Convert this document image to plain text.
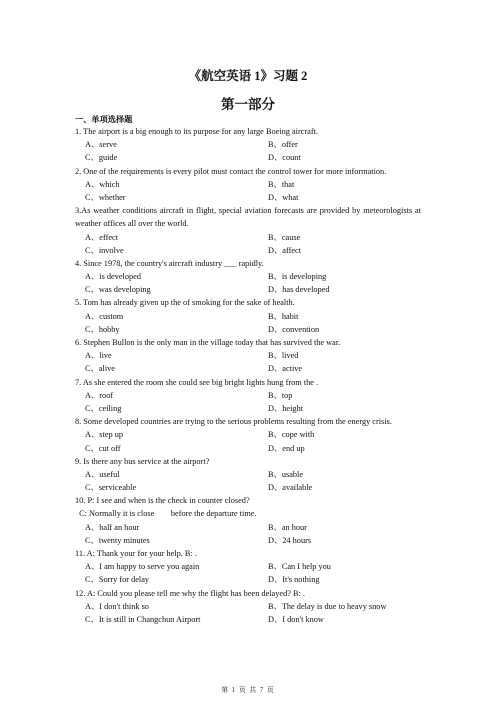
《航空英语 1》习题 2
第一部分
一、单项选择题
1. The airport is a big enough to its purpose for any large Boeing aircraft.
A、serve	B、offer
C、guide	D、count
2. One of the requirements is every pilot must contact the control tower for more information.
A、which	B、that
C、whether	D、what
3.As weather conditions aircraft in flight, special aviation forecasts are provided by meteorologists at weather offices all over the world.
A、effect	B、cause
C、involve	D、affect
4. Since 1978, the country's aircraft industry ___ rapidly.
A、is developed	B、is developing
C、was developing	D、has developed
5. Tom has already given up the of smoking for the sake of health.
A、custom	B、habit
C、hobby	D、convention
6. Stephen Bullon is the only man in the village today that has survived the war.
A、live	B、lived
C、alive	D、active
7. As she entered the room she could see big bright lights hung from the .
A、roof	B、top
C、ceiling	D、height
8. Some developed countries are trying to the serious problems resulting from the energy crisis.
A、step up	B、cope with
C、cut off	D、end up
9. Is there any bus service at the airport?
A、useful	B、usable
C、serviceable	D、available
10. P: I see and when is the check in counter closed?
C: Normally it is close        before the departure time.
A、half an hour	B、an hour
C、twenty minutes	D、24 hours
11. A: Thank your for your help. B: .
A、I am happy to serve you again	B、Can I help you
C、Sorry for delay	D、It's nothing
12. A: Could you please tell me why the flight has been delayed? B: .
A、I don't think so	B、The delay is due to heavy snow
C、It is still in Changchun Airport	D、I don't know
第 1 页 共 7 页
